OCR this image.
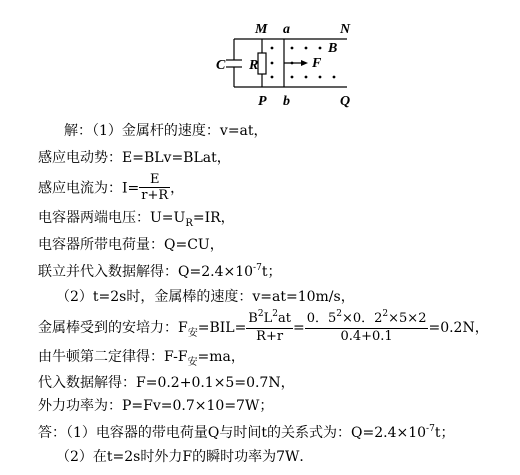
M a	N
B
C R	F
P b	Q
解：（1）金属杆的速度：v=at，
感应电动势：E=BLv=BLat，
感应电流为：$I= \frac{E}{r+R}$ ，
电容器两端电压：$U=U_R=IR$，
电容器所带电荷量：Q=CU，
联立并代入数据解得：$Q=2.4\times 10^{-7}t$；
（2）t=2s时，金属棒的速度：v=at=10m/s，
金属棒受到的安培力：$F_安=BIL= \frac{B^2L^2at}{R+r} = \frac{0.5^2\times 0.2^2\times 5\times 2}{0.4+0.1} =0.2N$，
由牛顿第二定律得：$F-F_安=ma$，
代入数据解得：F=0.2+0.1×5=0.7N，
外力功率为：P=Fv=0.7×10=7W；
答：（1）电容器的带电荷量Q与时间t的关系式为：$Q=2.4\times 10^{-7}t$；
（2）在t=2s时外力F的瞬时功率为7W．
